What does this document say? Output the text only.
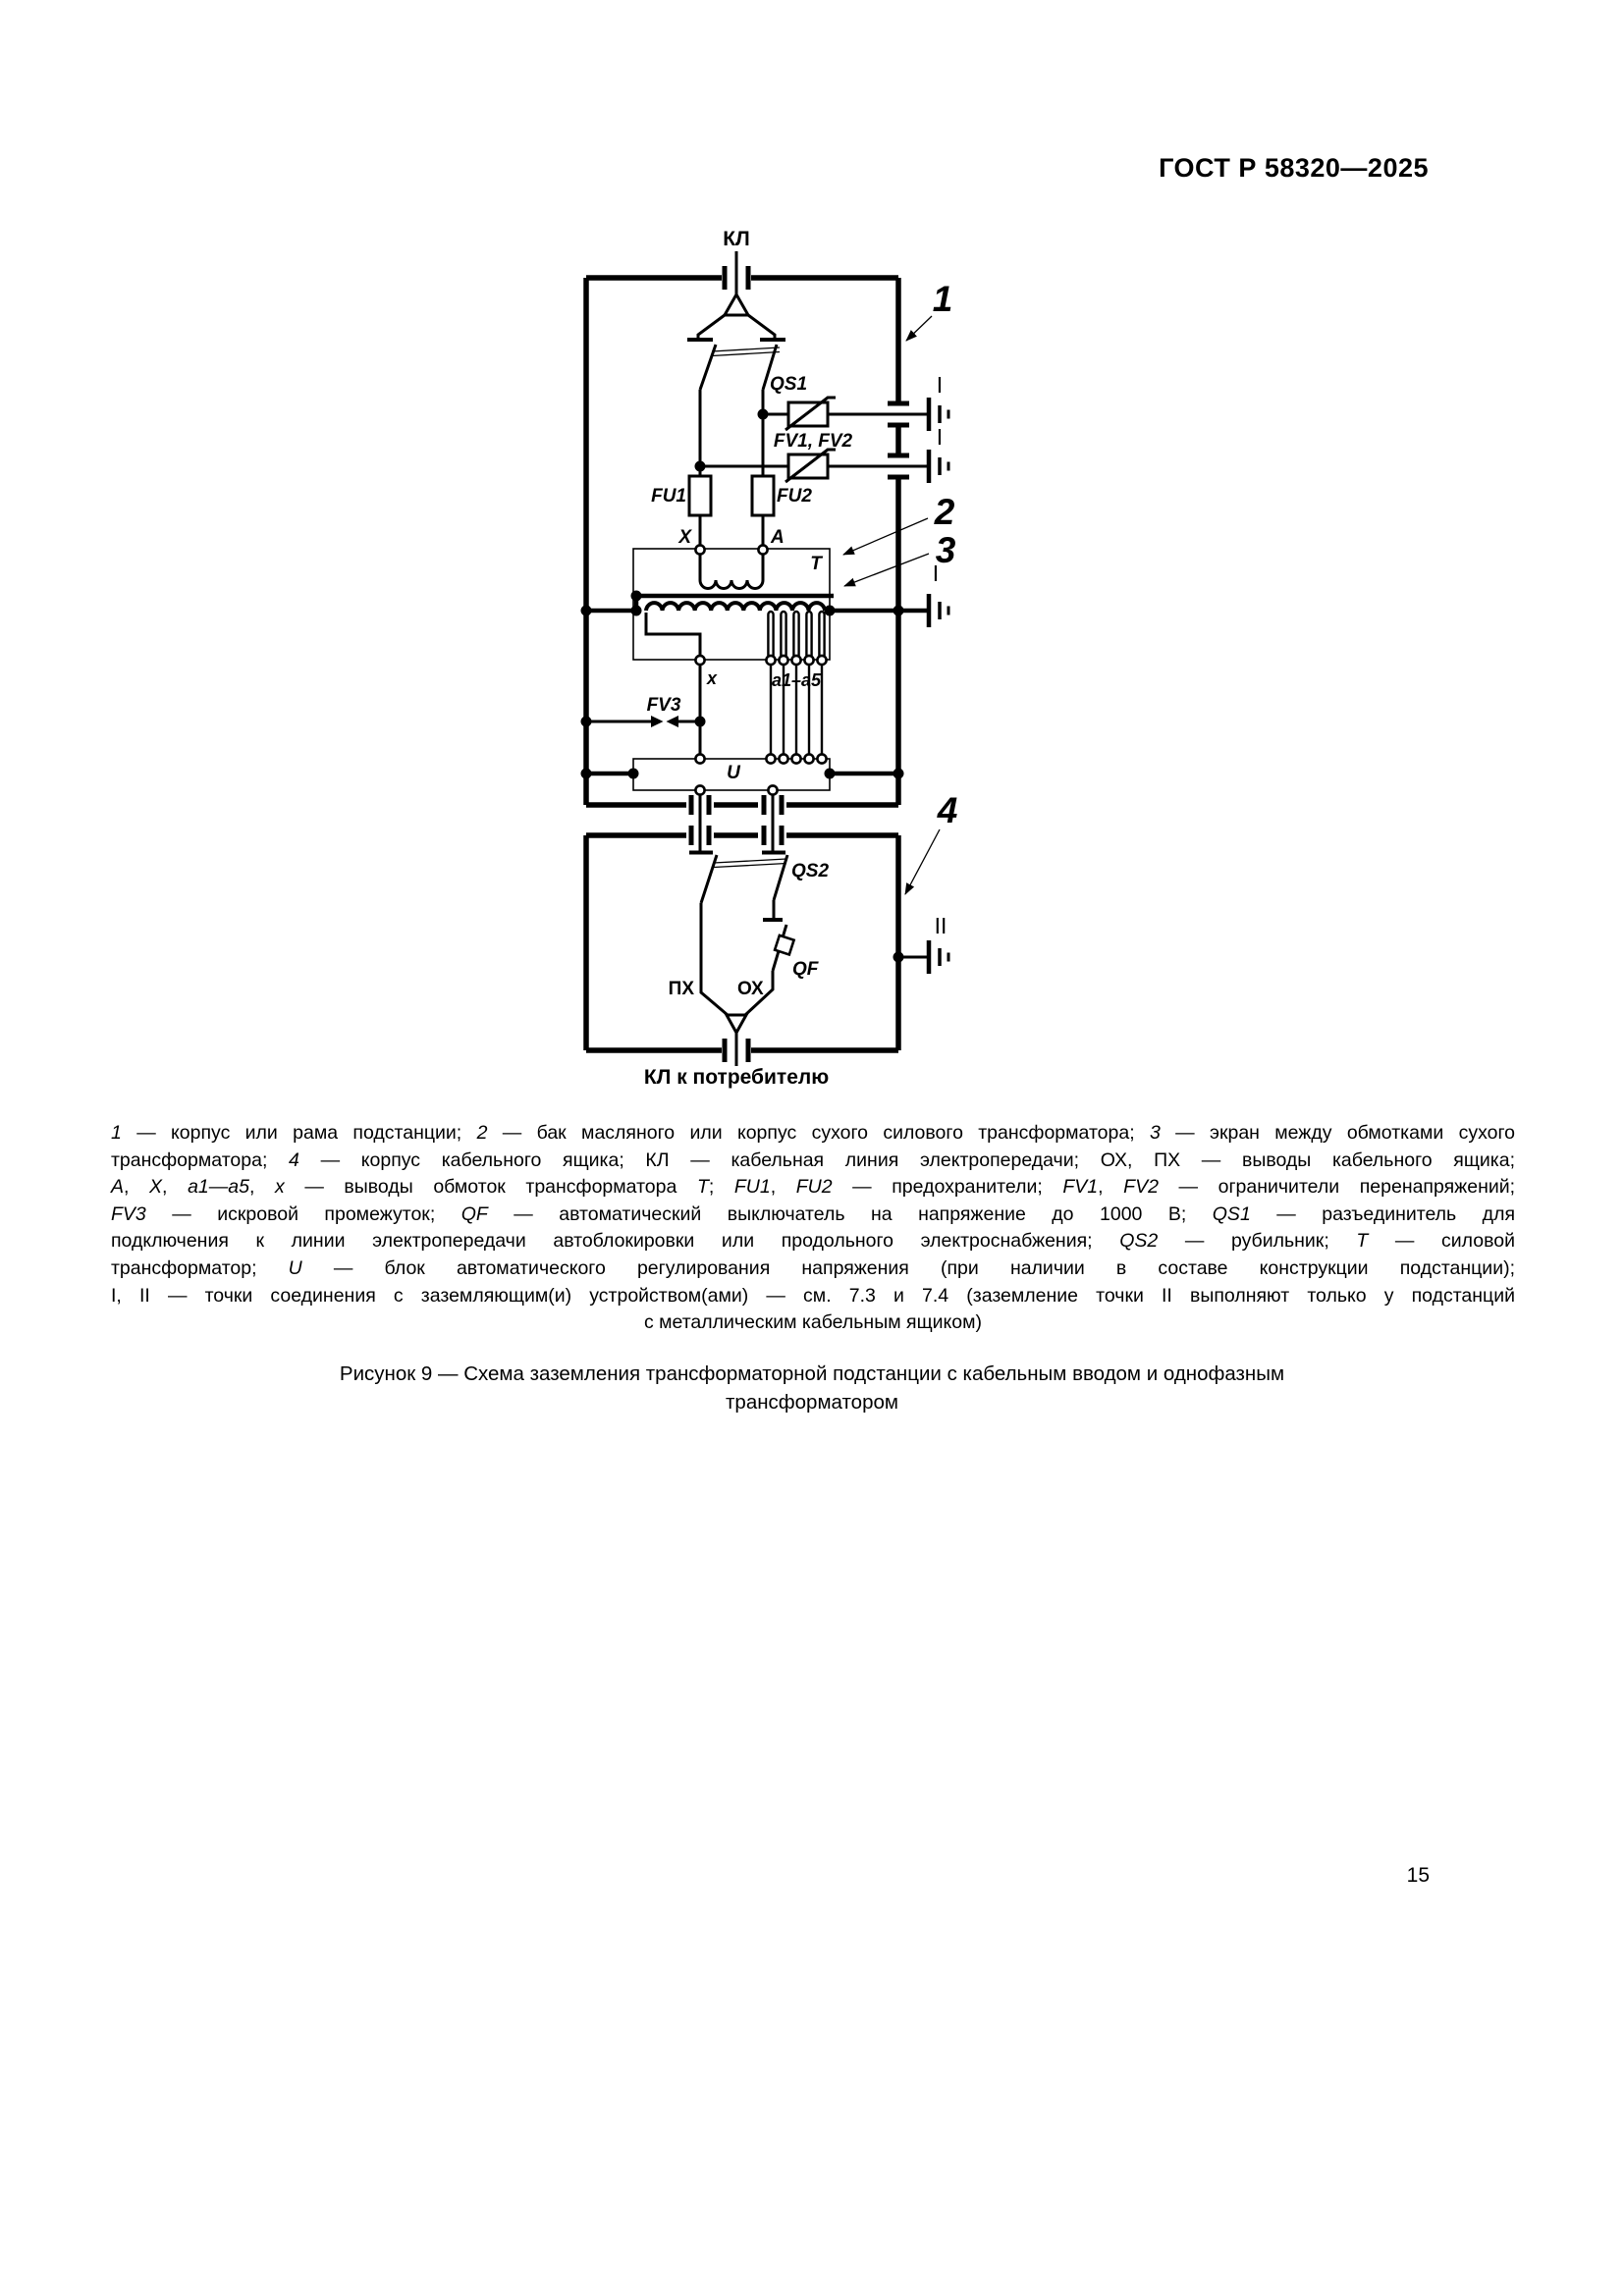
ГОСТ Р 58320—2025
КЛ
QS1
FV1, FV2
FU1	FU2
X	A
T
x	а1–а5
FV3
U
QS2
QF
ПХ ОХ
КЛ к потребителю
I
I
I
II
1
2
3
4
1 — корпус или рама подстанции; 2 — бак масляного или корпус сухого силового трансформатора; 3 — экран между обмотками сухого
трансформатора; 4 — корпус кабельного ящика; КЛ — кабельная линия электропередачи; ОХ, ПХ — выводы кабельного ящика;
А, Х, а1—а5, х — выводы обмоток трансформатора Т; FU1, FU2 — предохранители; FV1, FV2 — ограничители перенапряжений;
FV3 — искровой промежуток; QF — автоматический выключатель на напряжение до 1000 В; QS1 — разъединитель для
подключения к линии электропередачи автоблокировки или продольного электроснабжения; QS2 — рубильник; Т — силовой
трансформатор; U — блок автоматического регулирования напряжения (при наличии в составе конструкции подстанции);
I, II — точки соединения с заземляющим(и) устройством(ами) — см. 7.3 и 7.4 (заземление точки II выполняют только у подстанций
с металлическим кабельным ящиком)
Рисунок 9 — Схема заземления трансформаторной подстанции с кабельным вводом и однофазным
трансформатором
15
